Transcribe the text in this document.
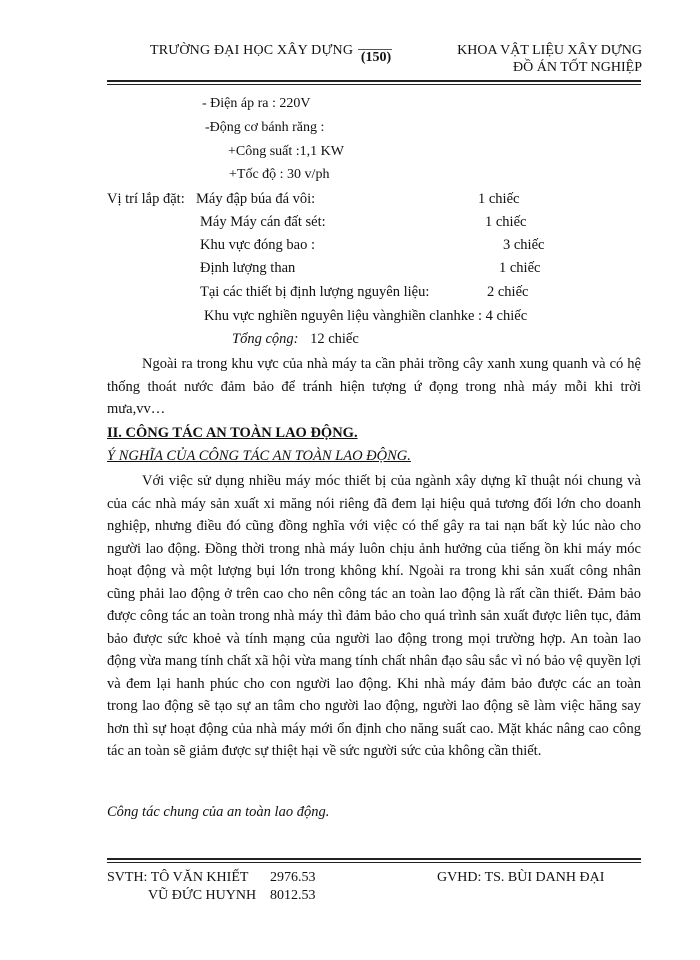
TRƯỜNG ĐẠI HỌC XÂY DỰNG (150)	KHOA VẬT LIỆU XÂY DỰNG
ĐỒ ÁN TỐT NGHIỆP
- Điện áp ra : 220V
-Động cơ bánh răng :
+Công suất :1,1 KW
+Tốc độ : 30 v/ph
Vị trí lắp đặt: Máy đập búa đá vôi:	1 chiếc
Máy Máy cán đất sét:	1 chiếc
Khu vực đóng bao :	3 chiếc
Định lượng than	1 chiếc
Tại các thiết bị định lượng nguyên liệu:	2 chiếc
Khu vực nghiền nguyên liệu vànghiền clanhke : 4 chiếc
Tổng cộng: 12 chiếc

Ngoài ra trong khu vực của nhà máy ta cần phải trồng cây xanh xung quanh và có hệ thống thoát nước đảm bảo để tránh hiện tượng ứ đọng trong nhà máy mỗi khi trời mưa,vv…

II. CÔNG TÁC AN TOÀN LAO ĐỘNG.
Ý NGHĨA CỦA CÔNG TÁC AN TOÀN LAO ĐỘNG.

Với việc sử dụng nhiều máy móc thiết bị của ngành xây dựng kĩ thuật nói chung và của các nhà máy sản xuất xi măng nói riêng đã đem lại hiệu quả tương đối lớn cho doanh nghiệp, nhưng điều đó cũng đồng nghĩa với việc có thể gây ra tai nạn bất kỳ lúc nào cho người lao động. Đồng thời trong nhà máy luôn chịu ảnh hưởng của tiếng ồn khi máy móc hoạt động và một lượng bụi lớn trong không khí. Ngoài ra trong khi sản xuất công nhân cũng phải lao động ở trên cao cho nên công tác an toàn lao động là rất cần thiết. Đảm bảo được công tác an toàn trong nhà máy thì đảm bảo cho quá trình sản xuất được liên tục, đảm bảo được sức khoẻ và tính mạng của người lao động trong mọi trường hợp. An toàn lao động vừa mang tính chất xã hội vừa mang tính chất nhân đạo sâu sắc vì nó bảo vệ quyền lợi và đem lại hanh phúc cho con người lao động. Khi nhà máy đảm bảo được các an toàn trong lao động sẽ tạo sự an tâm cho người lao động, người lao động sẽ làm việc hăng say hơn thì sự hoạt động của nhà máy mới ổn định cho năng suất cao. Mặt khác nâng cao công tác an toàn sẽ giảm được sự thiệt hại về sức người sức của không cần thiết.

Công tác chung của an toàn lao động.
SVTH: TÔ VĂN KHIẾT 2976.53
VŨ ĐỨC HUYNH 8012.53
GVHD: TS. BÙI DANH ĐẠI
